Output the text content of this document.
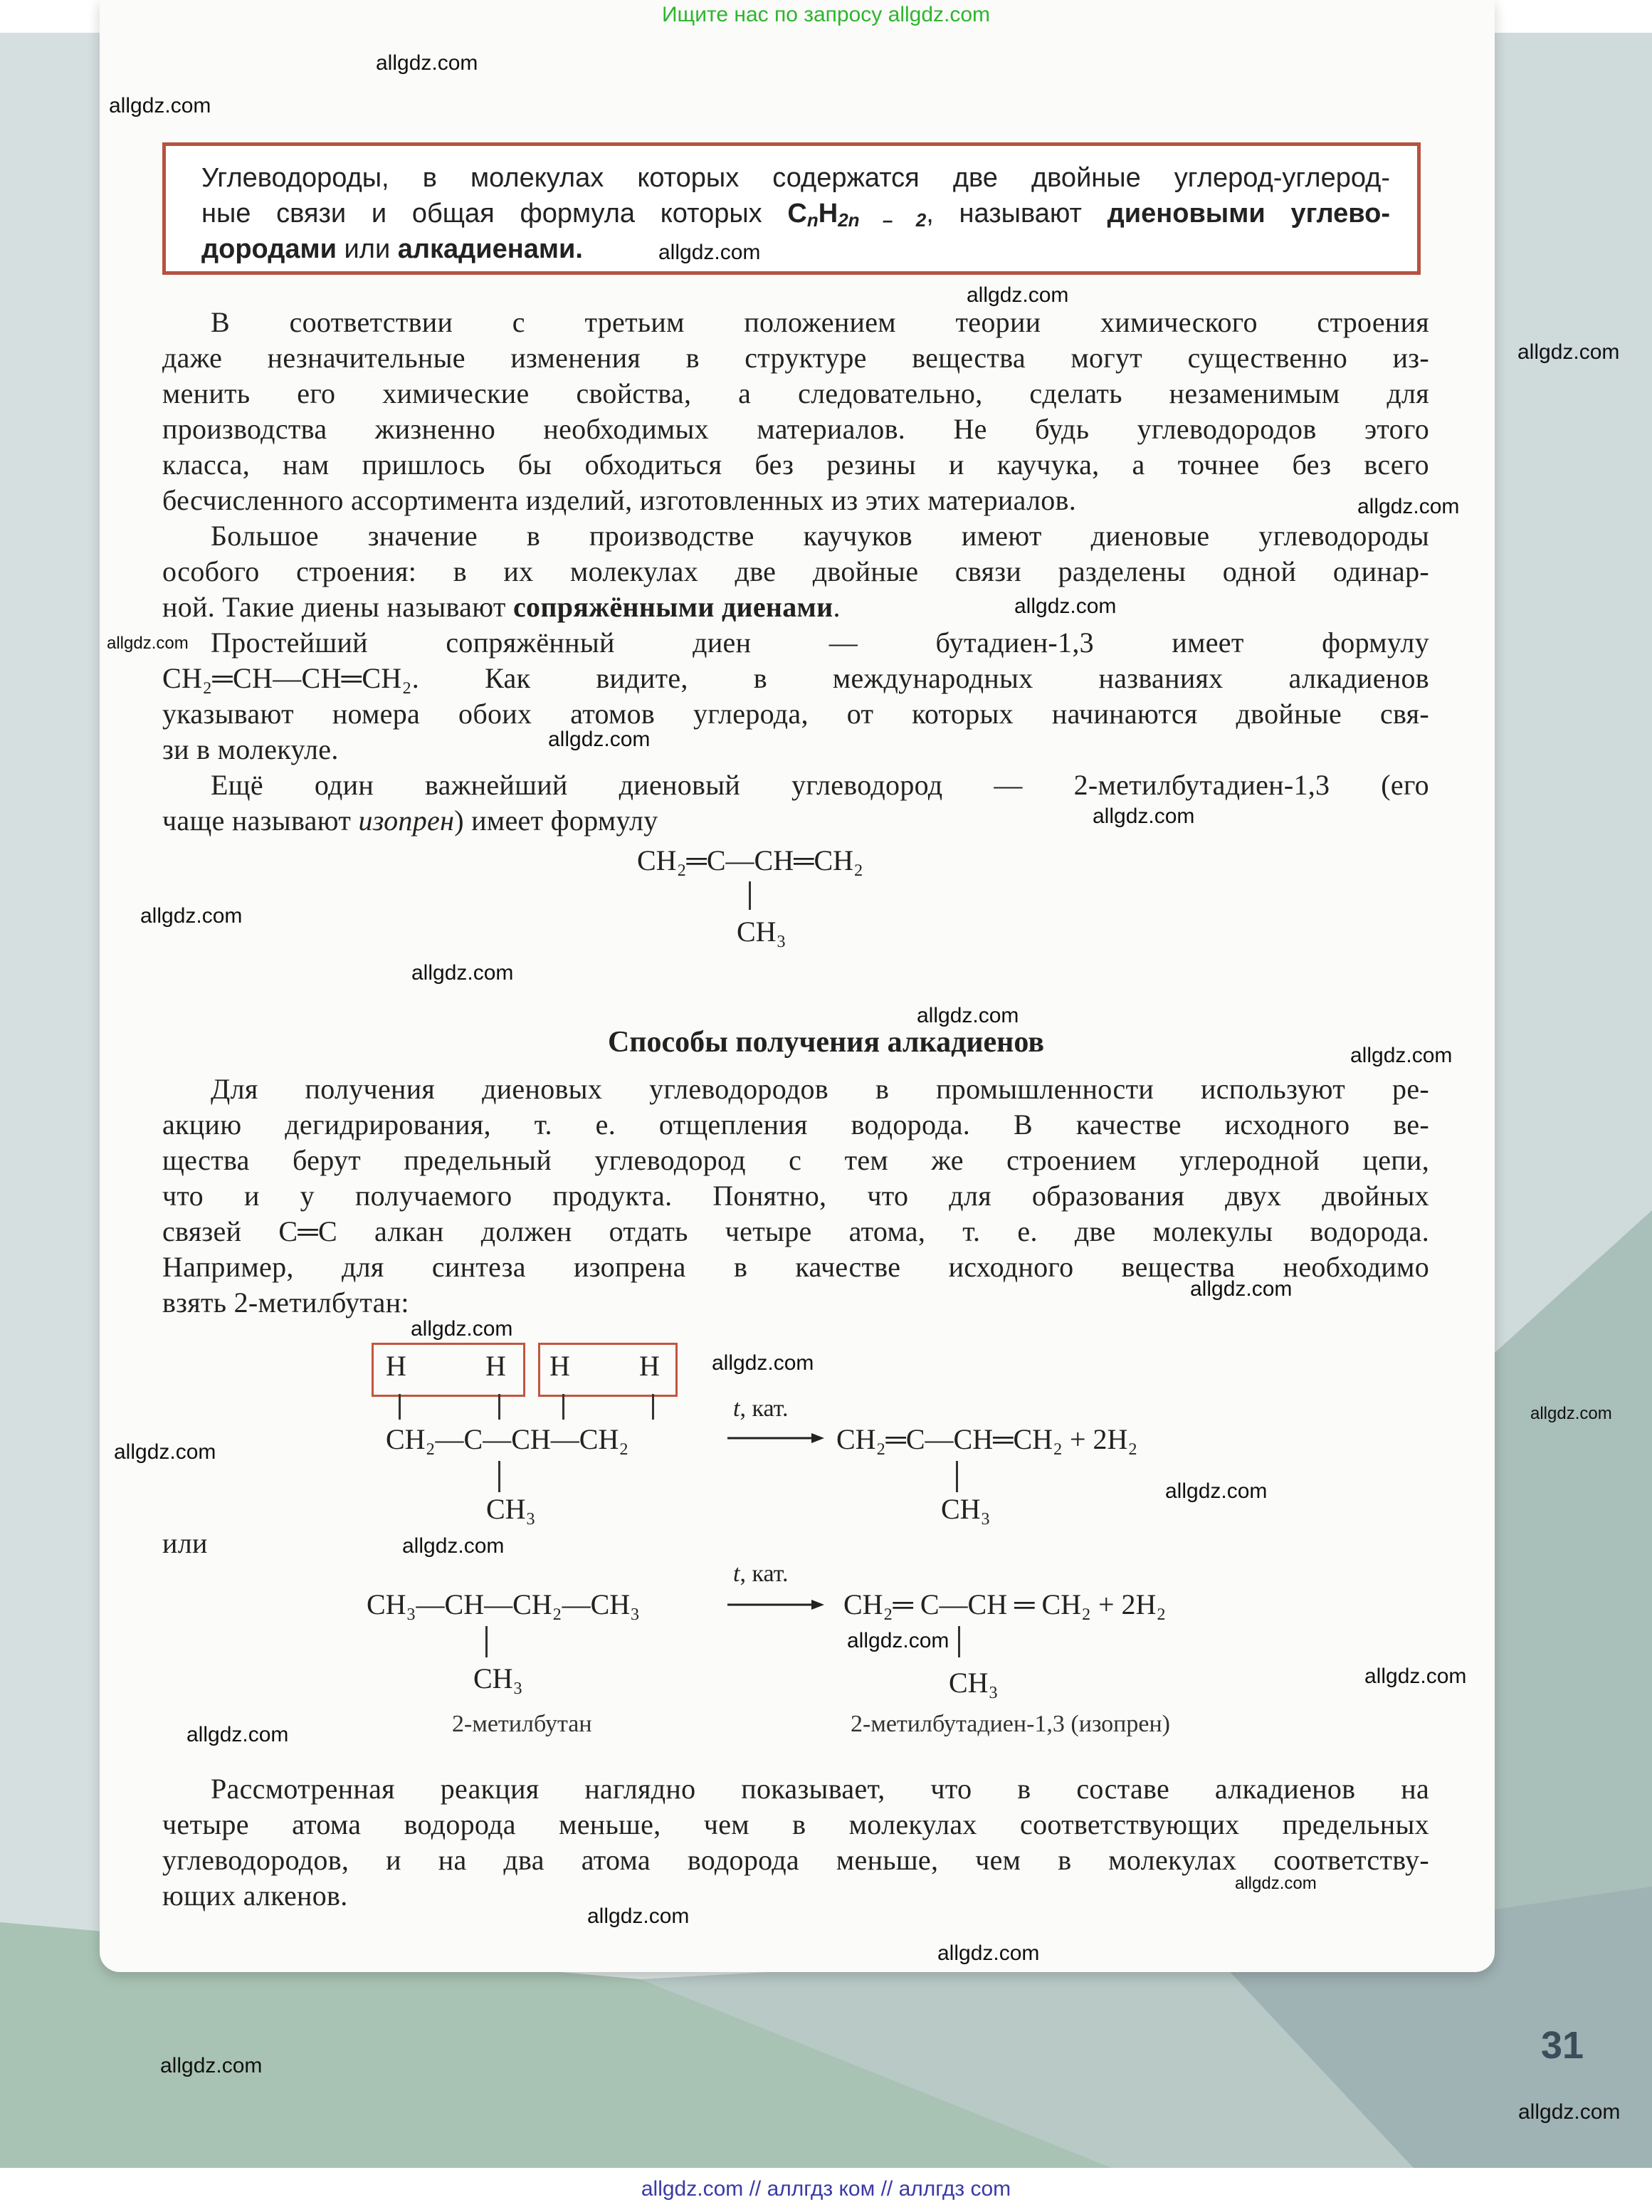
Ищите нас по запросу allgdz.com
Углеводороды, в молекулах которых содержатся две двойные углерод-углерод-
ные связи и общая формула которых $C_nH_{2n - 2}$, называют диеновыми углево-
дородами или алкадиенами.
В соответствии с третьим положением теории химического строения
даже незначительные изменения в структуре вещества могут существенно из-
менить его химические свойства, а следовательно, сделать незаменимым для
производства жизненно необходимых материалов. Не будь углеводородов этого
класса, нам пришлось бы обходиться без резины и каучука, а точнее без всего
бесчисленного ассортимента изделий, изготовленных из этих материалов.
Большое значение в производстве каучуков имеют диеновые углеводороды
особого строения: в их молекулах две двойные связи разделены одной одинар-
ной. Такие диены называют сопряжёнными диенами.
Простейший сопряжённый диен — бутадиен-1,3 имеет формулу
CH₂═CH—CH═CH₂. Как видите, в международных названиях алкадиенов
указывают номера обоих атомов углерода, от которых начинаются двойные свя-
зи в молекуле.
Ещё один важнейший диеновый углеводород — 2-метилбутадиен-1,3 (его
чаще называют изопрен) имеет формулу
CH₂═C—CH═CH₂
CH₃
Способы получения алкадиенов
Для получения диеновых углеводородов в промышленности используют ре-
акцию дегидрирования, т. е. отщепления водорода. В качестве исходного ве-
щества берут предельный углеводород с тем же строением углеродной цепи,
что и у получаемого продукта. Понятно, что для образования двух двойных
связей C═C алкан должен отдать четыре атома, т. е. две молекулы водорода.
Например, для синтеза изопрена в качестве исходного вещества необходимо
взять 2-метилбутан:
H	H H H
CH₂—C—CH—CH₂
CH₃
t, кат.
CH₂═C—CH═CH₂ + 2H₂
CH₃
или
CH₃—CH—CH₂—CH₃
CH₃
t, кат.
CH₂═ C—CH ═ CH₂ + 2H₂
CH₃
2-метилбутан	2-метилбутадиен-1,3 (изопрен)
Рассмотренная реакция наглядно показывает, что в составе алкадиенов на
четыре атома водорода меньше, чем в молекулах соответствующих предельных
углеводородов, и на два атома водорода меньше, чем в молекулах соответству-
ющих алкенов.
31
allgdz.com
allgdz.com
allgdz.com
allgdz.com
allgdz.com
allgdz.com
allgdz.com
allgdz.com
allgdz.com
allgdz.com
allgdz.com
allgdz.com
allgdz.com
allgdz.com
allgdz.com
allgdz.com
allgdz.com
allgdz.com
allgdz.com
allgdz.com
allgdz.com
allgdz.com
allgdz.com
allgdz.com
allgdz.com
allgdz.com
allgdz.com
allgdz.com
allgdz.com
allgdz.com // аллгдз ком // аллгдз com
